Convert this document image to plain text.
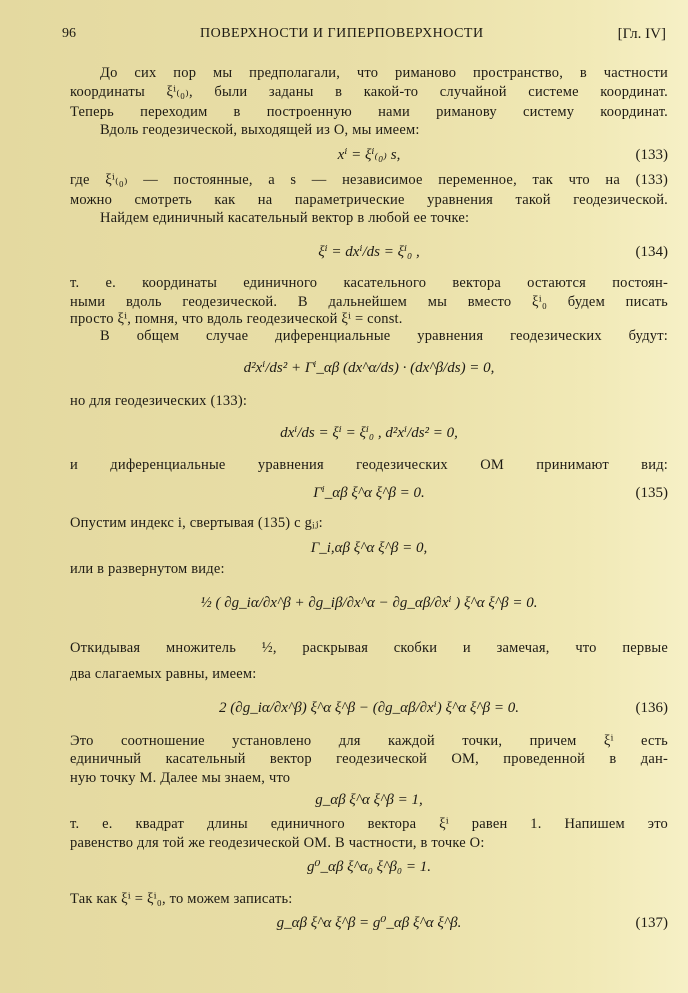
96	ПОВЕРХНОСТИ И ГИПЕРПОВЕРХНОСТИ	[Гл. IV]
До сих пор мы предполагали, что риманово пространство, в частности
координаты ξⁱ₍₀₎, были заданы в какой-то случайной системе координат.
Теперь переходим в построенную нами риманову систему координат.
Вдоль геодезической, выходящей из O, мы имеем:
xⁱ = ξⁱ₍₀₎ s,	(133)
где ξⁱ₍₀₎ — постоянные, а s — независимое переменное, так что на (133)
можно смотреть как на параметрические уравнения такой геодезической.
Найдем единичный касательный вектор в любой ее точке:
ξⁱ = dxⁱ/ds = ξⁱ₀ ,	(134)
т. е. координаты единичного касательного вектора остаются постоян-
ными вдоль геодезической. В дальнейшем мы вместо ξⁱ₀ будем писать
просто ξⁱ, помня, что вдоль геодезической ξⁱ = const.
В общем случае диференциальные уравнения геодезических будут:
d²xⁱ/ds² + Γⁱ_αβ (dx^α/ds) · (dx^β/ds) = 0,
но для геодезических (133):
dxⁱ/ds = ξⁱ = ξⁱ₀ , d²xⁱ/ds² = 0,
и диференциальные уравнения геодезических OM принимают вид:
Γⁱ_αβ ξ^α ξ^β = 0.	(135)
Опустим индекс i, свертывая (135) с gᵢⱼ:
Γ_i,αβ ξ^α ξ^β = 0,
или в развернутом виде:
½ ( ∂g_iα/∂x^β + ∂g_iβ/∂x^α − ∂g_αβ/∂xⁱ ) ξ^α ξ^β = 0.
Откидывая множитель ½, раскрывая скобки и замечая, что первые
два слагаемых равны, имеем:
2 (∂g_iα/∂x^β) ξ^α ξ^β − (∂g_αβ/∂xⁱ) ξ^α ξ^β = 0.	(136)
Это соотношение установлено для каждой точки, причем ξⁱ есть
единичный касательный вектор геодезической OM, проведенной в дан-
ную точку M. Далее мы знаем, что
g_αβ ξ^α ξ^β = 1,
т. е. квадрат длины единичного вектора ξⁱ равен 1. Напишем это
равенство для той же геодезической OM. В частности, в точке O:
g⁰_αβ ξ^α₀ ξ^β₀ = 1.
Так как ξⁱ = ξⁱ₀, то можем записать:
g_αβ ξ^α ξ^β = g⁰_αβ ξ^α ξ^β.	(137)
